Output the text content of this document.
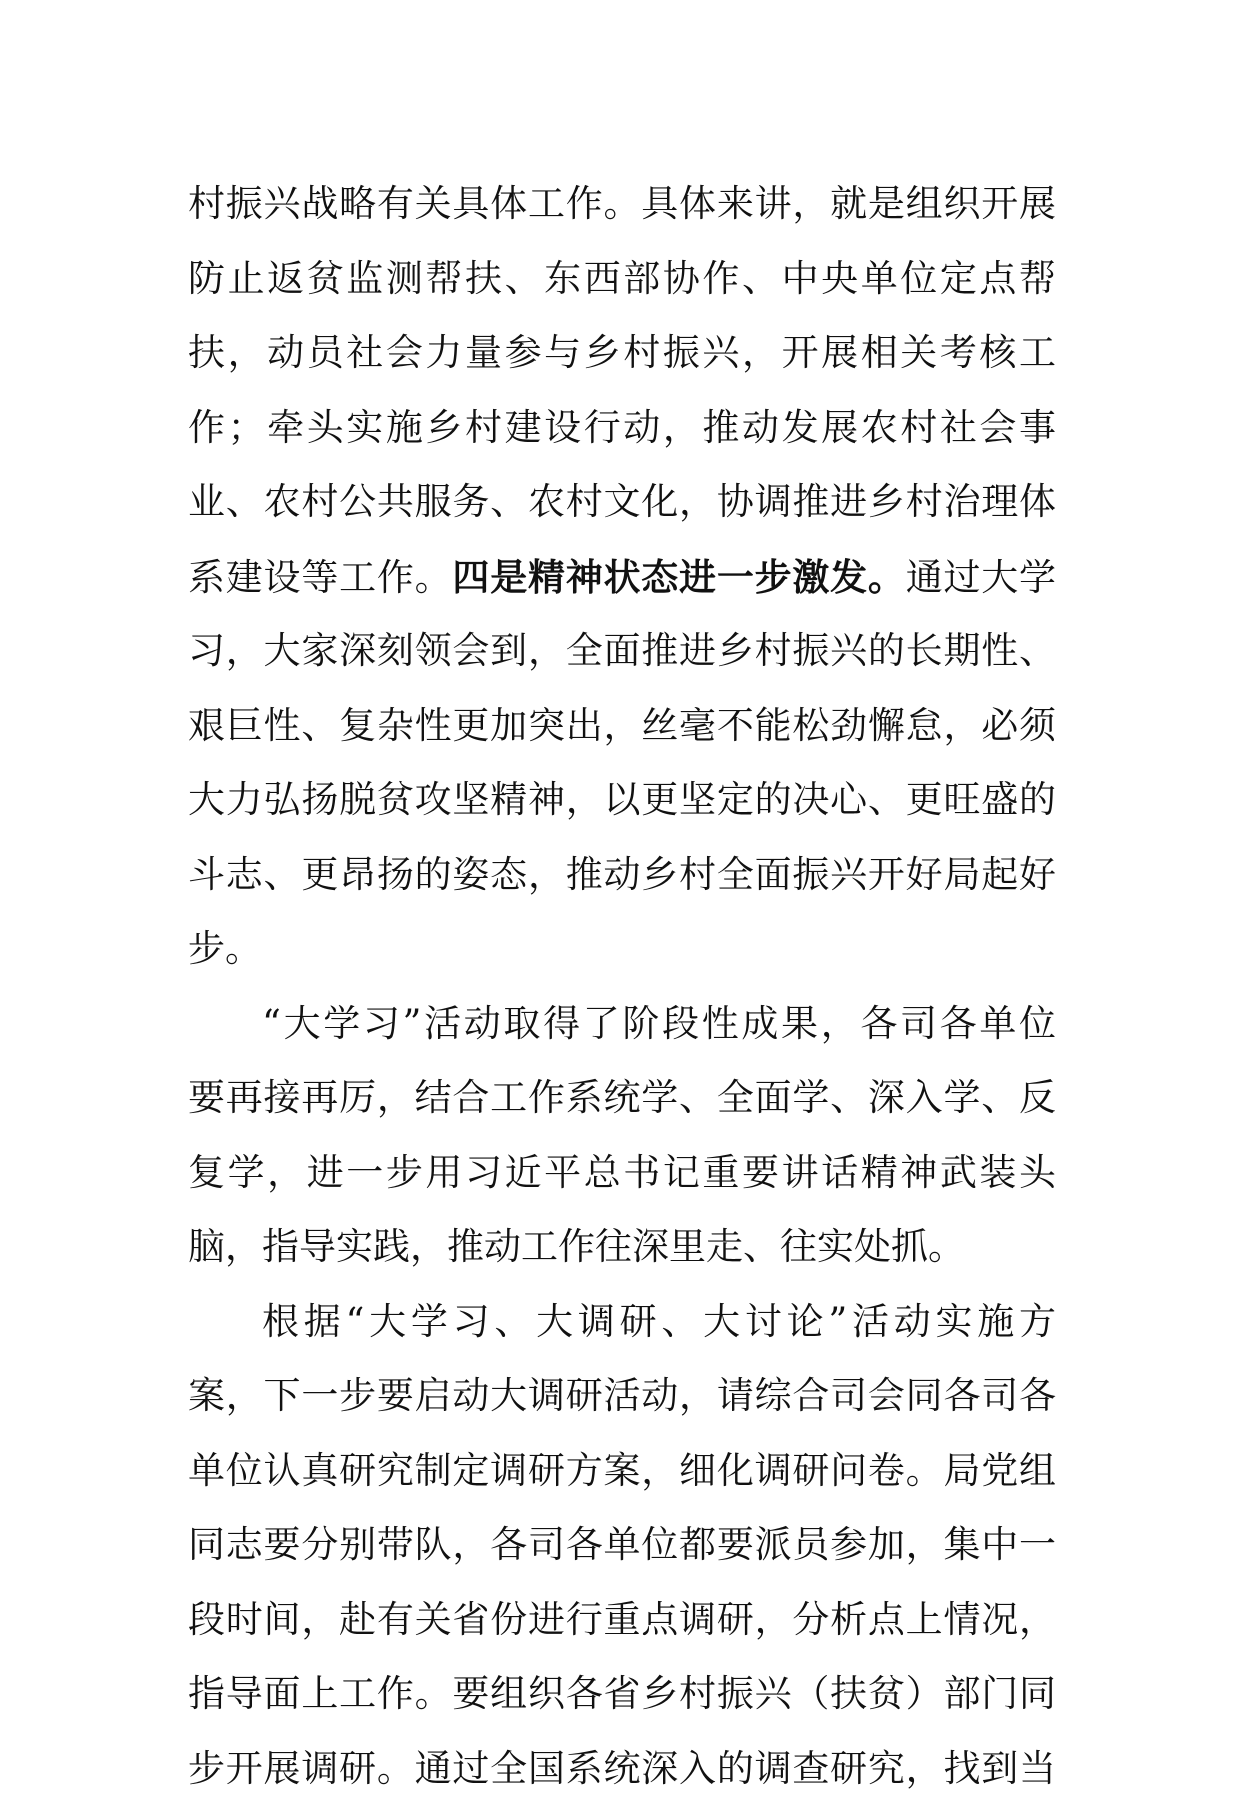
村振兴战略有关具体工作。具体来讲，就是组织开展
防止返贫监测帮扶、东西部协作、中央单位定点帮
扶，动员社会力量参与乡村振兴，开展相关考核工
作；牵头实施乡村建设行动，推动发展农村社会事
业、农村公共服务、农村文化，协调推进乡村治理体
系建设等工作。四是精神状态进一步激发。通过大学
习，大家深刻领会到，全面推进乡村振兴的长期性、
艰巨性、复杂性更加突出，丝毫不能松劲懈怠，必须
大力弘扬脱贫攻坚精神，以更坚定的决心、更旺盛的
斗志、更昂扬的姿态，推动乡村全面振兴开好局起好
步。
“大学习”活动取得了阶段性成果，各司各单位
要再接再厉，结合工作系统学、全面学、深入学、反
复学，进一步用习近平总书记重要讲话精神武装头
脑，指导实践，推动工作往深里走、往实处抓。
根据“大学习、大调研、大讨论”活动实施方
案，下一步要启动大调研活动，请综合司会同各司各
单位认真研究制定调研方案，细化调研问卷。局党组
同志要分别带队，各司各单位都要派员参加，集中一
段时间，赴有关省份进行重点调研，分析点上情况，
指导面上工作。要组织各省乡村振兴（扶贫）部门同
步开展调研。通过全国系统深入的调查研究，找到当
